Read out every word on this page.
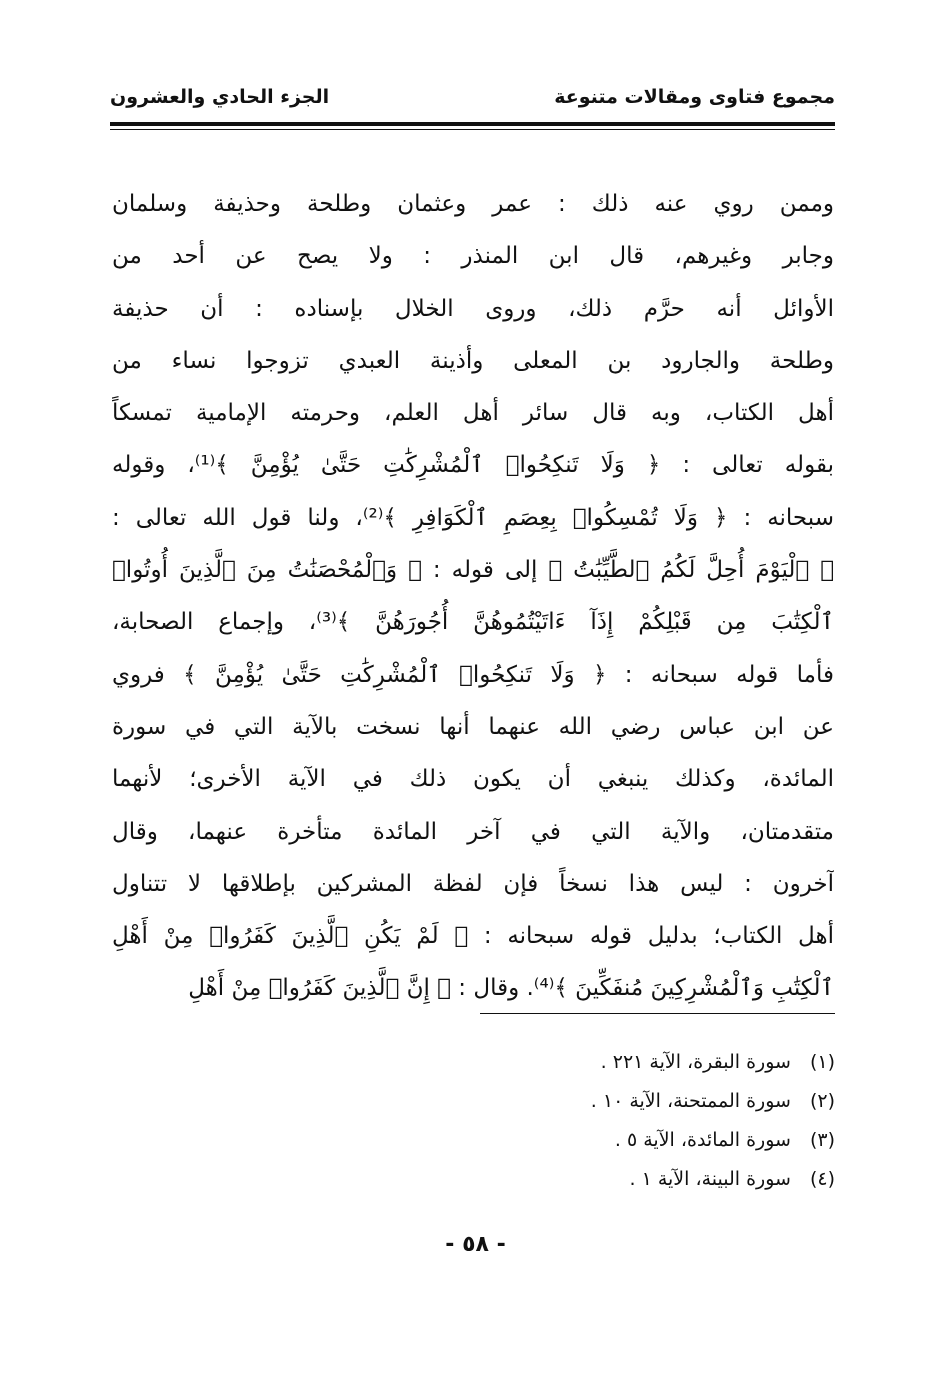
مجموع فتاوى ومقالات متنوعة
الجزء الحادي والعشرون
وممن روي عنه ذلك : عمر وعثمان وطلحة وحذيفة وسلمان
وجابر وغيرهم، قال ابن المنذر : ولا يصح عن أحد من
الأوائل أنه حرَّم ذلك، وروى الخلال بإسناده : أن حذيفة
وطلحة والجارود بن المعلى وأذينة العبدي تزوجوا نساء من
أهل الكتاب، وبه قال سائر أهل العلم، وحرمته الإمامية تمسكاً
بقوله تعالى : ﴿ وَلَا تَنكِحُوا۟ ٱلْمُشْرِكَٰتِ حَتَّىٰ يُؤْمِنَّ ﴾⁽¹⁾، وقوله
سبحانه : ﴿ وَلَا تُمْسِكُوا۟ بِعِصَمِ ٱلْكَوَافِرِ ﴾⁽²⁾، ولنا قول الله تعالى :
﴿ ٱلْيَوْمَ أُحِلَّ لَكُمُ ٱلطَّيِّبَٰتُ ﴾ إلى قوله : ﴿ وَٱلْمُحْصَنَٰتُ مِنَ ٱلَّذِينَ أُوتُوا۟
ٱلْكِتَٰبَ مِن قَبْلِكُمْ إِذَآ ءَاتَيْتُمُوهُنَّ أُجُورَهُنَّ ﴾⁽³⁾، وإجماع الصحابة،
فأما قوله سبحانه : ﴿ وَلَا تَنكِحُوا۟ ٱلْمُشْرِكَٰتِ حَتَّىٰ يُؤْمِنَّ ﴾ فروي
عن ابن عباس رضي الله عنهما أنها نسخت بالآية التي في سورة
المائدة، وكذلك ينبغي أن يكون ذلك في الآية الأخرى؛ لأنهما
متقدمتان، والآية التي في آخر المائدة متأخرة عنهما، وقال
آخرون : ليس هذا نسخاً فإن لفظة المشركين بإطلاقها لا تتناول
أهل الكتاب؛ بدليل قوله سبحانه : ﴿ لَمْ يَكُنِ ٱلَّذِينَ كَفَرُوا۟ مِنْ أَهْلِ
ٱلْكِتَٰبِ وَٱلْمُشْرِكِينَ مُنفَكِّينَ ﴾⁽⁴⁾. وقال : ﴿ إِنَّ ٱلَّذِينَ كَفَرُوا۟ مِنْ أَهْلِ
(١) سورة البقرة، الآية ٢٢١ .
(٢) سورة الممتحنة، الآية ١٠ .
(٣) سورة المائدة، الآية ٥ .
(٤) سورة البينة، الآية ١ .
- ٥٨ -
